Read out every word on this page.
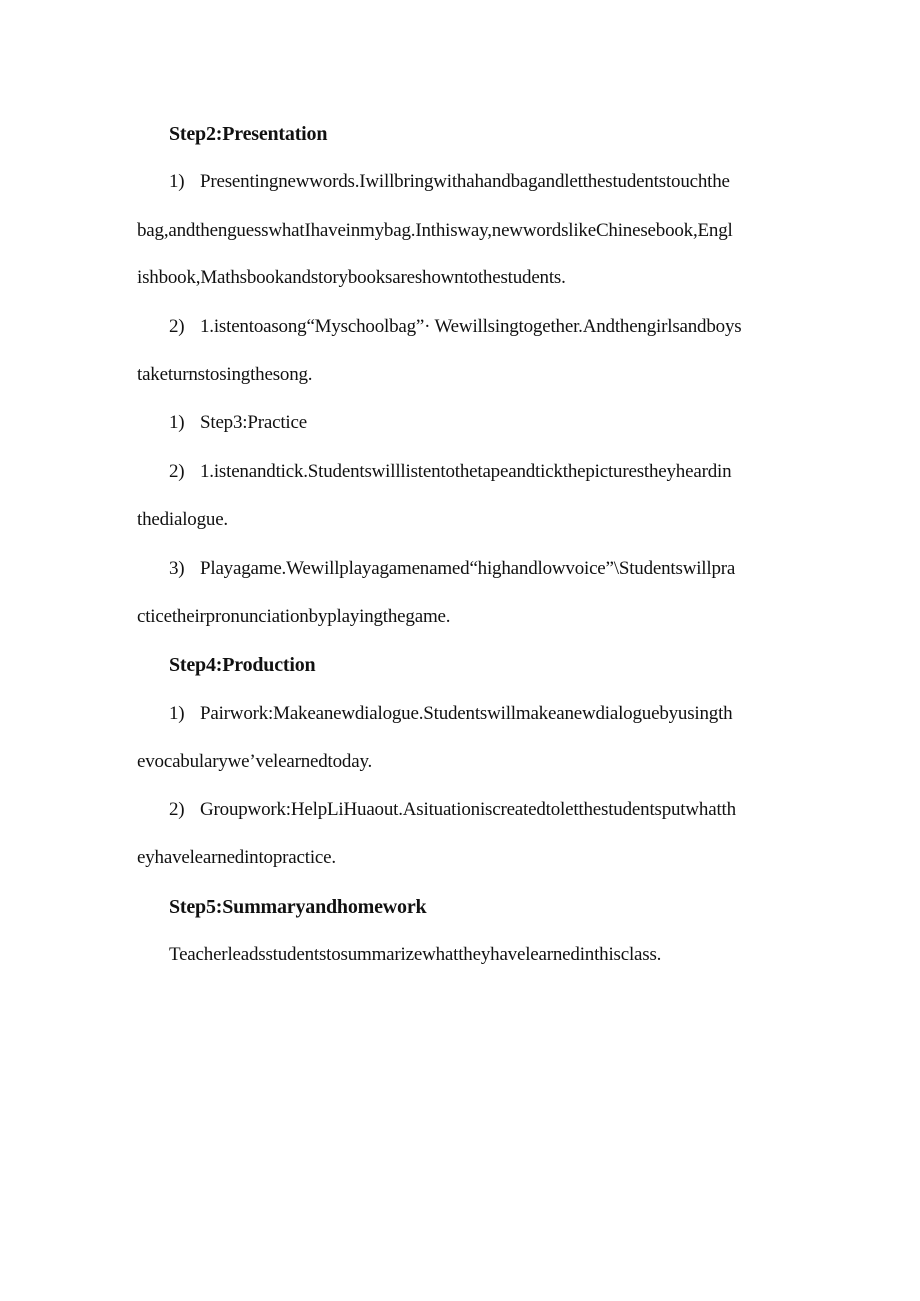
Step2:Presentation
1) Presentingnewwords.Iwillbringwithahandbagandletthestudentstouchthe
bag,andthenguesswhatIhaveinmybag.Inthisway,newwordslikeChinesebook,Engl
ishbook,Mathsbookandstorybooksareshowntothestudents.
2) 1.istentoasong“Myschoolbag”· Wewillsingtogether.Andthengirlsandboys
taketurnstosingthesong.
1) Step3:Practice
2) 1.istenandtick.Studentswilllistentothetapeandtickthepicturestheyheardin
thedialogue.
3) Playagame.Wewillplayagamenamed“highandlowvoice”\Studentswillpra
cticetheirpronunciationbyplayingthegame.
Step4:Production
1) Pairwork:Makeanewdialogue.Studentswillmakeanewdialoguebyusingth
evocabularywe’velearnedtoday.
2) Groupwork:HelpLiHuaout.Asituationiscreatedtoletthestudentsputwhatth
eyhavelearnedintopractice.
Step5:Summaryandhomework
Teacherleadsstudentstosummarizewhattheyhavelearnedinthisclass.
